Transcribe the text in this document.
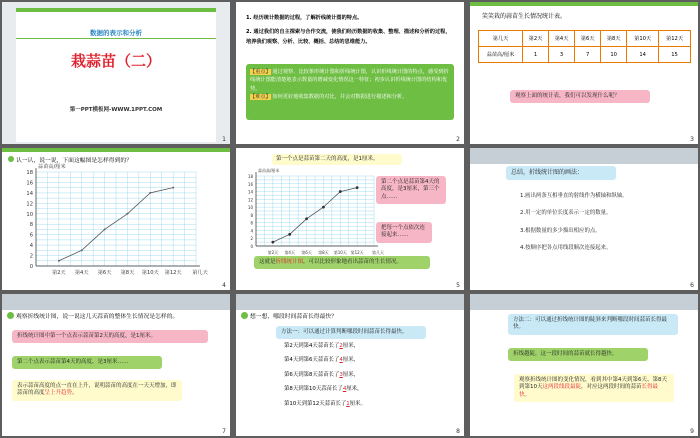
数据的表示和分析
栽蒜苗（二）
第一PPT模板网-WWW.1PPT.COM
1
1. 经历统计数据的过程，了解折线统计图的特点。
2. 通过我们的自主探索与合作交流，使我们经历数据的收集、整理、描述和分析的过程，培养我们观察、分析、比较、概括、总结的思维能力。
【重点】 通过观察、比较条形统计图和折线统计图，认识折线统计图的特点，感受到折线统计图能清楚地表示数量的增减变化情况这一特征；初步认识折线统计图的结构和优势。
【难点】 如何更好地收集数据的对比，并会对数据进行描述和分析。
2
笑笑栽的蒜苗生长情况统计表。
第几天	第2天	第4天	第6天	第8天	第10天	第12天
蒜苗高/厘米	1	3	7	10	14	15
观察上面的统计表，我们可以发现什么呢？
3
认一认，说一说，下面这幅图是怎样得到的？
0
2
4
6
8
10
12
14
16
18
第2天 第4天 第6天 第8天 第10天 第12天 第几天
蒜苗高/厘米
4
0
2
4
6
8
10
12
14
16
18
第2天 第4天 第6天 第8天 第10天 第12天 第几天
蒜苗高/厘米
第一个点是蒜苗第二天的高度，是1厘米。
第二个点是蒜苗第4天的高度，是3厘米，第三个点……
把每一个点依次连接起来……
这就是折线统计图，可以比较形象地看出蒜苗的生长情况。
5
总结，折线统计图的画法：
1.画出两条互相垂直的射线作为横轴和纵轴。
2.用一定的单位长度表示一定的数量。
3.根据数量的多少描出相应的点。
4.按顺序把各点用线段顺次连接起来。
6
观察折线统计图，说一说这几天蒜苗的整体生长情况是怎样的。
折线统计图中第一个点表示蒜苗第2天的高度，是1厘米。
第二个点表示蒜苗第4天的高度，是3厘米……
表示蒜苗高度的点一直在上升，说明蒜苗的高度在一天天增加，即蒜苗的高度呈上升趋势。
7
想一想，哪段时间蒜苗长得最快？
方法一：可以通过计算判断哪段时间蒜苗长得最快。
第2天到第4天蒜苗长了2厘米，
第4天到第6天蒜苗长了4厘米，
第6天到第8天蒜苗长了3厘米，
第8天到第10天蒜苗长了4厘米，
第10天到第12天蒜苗长了1厘米。
8
方法二：可以通过折线统计图的陡斜来判断哪段时间蒜苗长得最快。
折线越陡，这一段时间的蒜苗就长得越快。
观察折线统计图的变化情况，看到其中第4天到第6天、第8天到第10天这两段线段最陡，对应这两段时间的蒜苗长得最快。
9
